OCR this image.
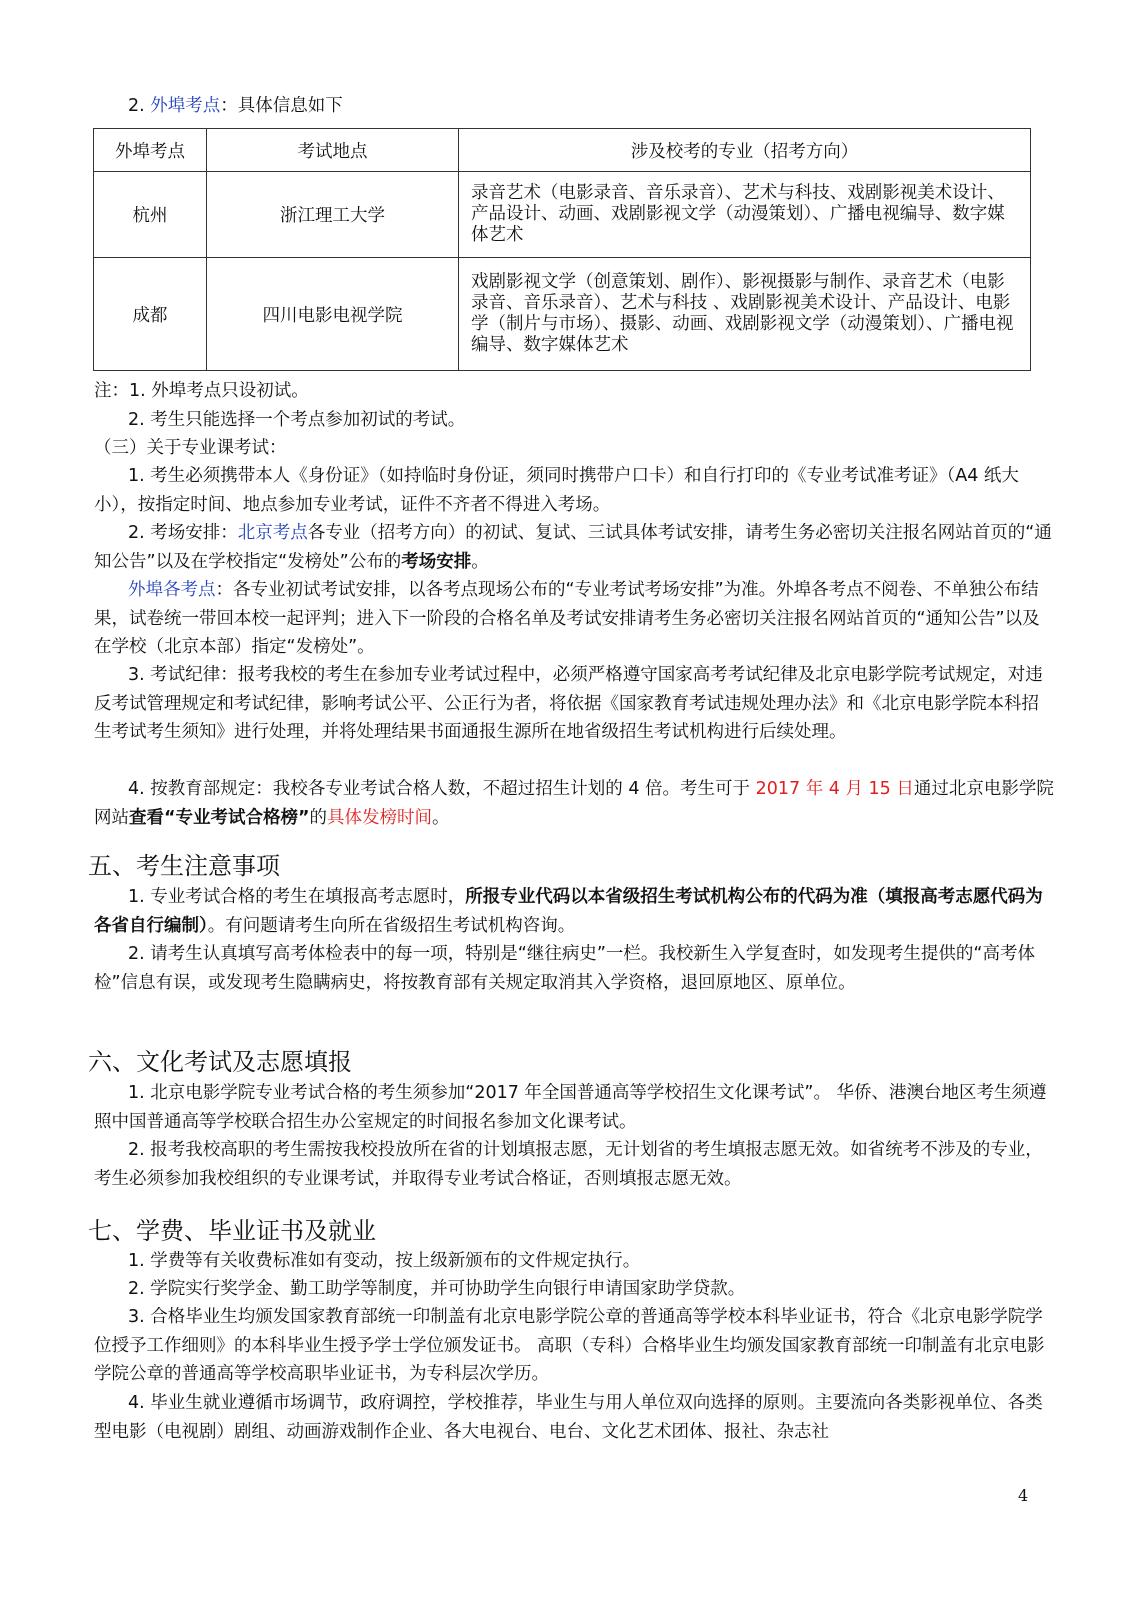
2. 外埠考点：具体信息如下

外埠考点	考试地点	涉及校考的专业（招考方向）
杭州	浙江理工大学	录音艺术（电影录音、音乐录音）、艺术与科技、戏剧影视美术设计、产品设计、动画、戏剧影视文学（动漫策划）、广播电视编导、数字媒体艺术
成都	四川电影电视学院	戏剧影视文学（创意策划、剧作）、影视摄影与制作、录音艺术（电影录音、音乐录音）、艺术与科技 、戏剧影视美术设计、产品设计、电影学（制片与市场）、摄影、动画、戏剧影视文学（动漫策划）、广播电视编导、数字媒体艺术

注：1. 外埠考点只设初试。

2. 考生只能选择一个考点参加初试的考试。

（三）关于专业课考试：

1. 考生必须携带本人《身份证》（如持临时身份证，须同时携带户口卡）和自行打印的《专业考试准考证》（A4 纸大小），按指定时间、地点参加专业考试，证件不齐者不得进入考场。

2. 考场安排：北京考点各专业（招考方向）的初试、复试、三试具体考试安排，请考生务必密切关注报名网站首页的“通知公告”以及在学校指定“发榜处”公布的考场安排。

外埠各考点：各专业初试考试安排，以各考点现场公布的“专业考试考场安排”为准。外埠各考点不阅卷、不单独公布结果，试卷统一带回本校一起评判；进入下一阶段的合格名单及考试安排请考生务必密切关注报名网站首页的“通知公告”以及在学校（北京本部）指定“发榜处”。

3. 考试纪律：报考我校的考生在参加专业考试过程中，必须严格遵守国家高考考试纪律及北京电影学院考试规定，对违反考试管理规定和考试纪律，影响考试公平、公正行为者，将依据《国家教育考试违规处理办法》和《北京电影学院本科招生考试考生须知》进行处理，并将处理结果书面通报生源所在地省级招生考试机构进行后续处理。

4. 按教育部规定：我校各专业考试合格人数，不超过招生计划的 4 倍。考生可于 2017 年 4 月 15 日通过北京电影学院网站查看“专业考试合格榜”的具体发榜时间。

五、考生注意事项

1. 专业考试合格的考生在填报高考志愿时，所报专业代码以本省级招生考试机构公布的代码为准（填报高考志愿代码为各省自行编制）。有问题请考生向所在省级招生考试机构咨询。

2. 请考生认真填写高考体检表中的每一项，特别是“继往病史”一栏。我校新生入学复查时，如发现考生提供的“高考体检”信息有误，或发现考生隐瞒病史，将按教育部有关规定取消其入学资格，退回原地区、原单位。

六、文化考试及志愿填报

1. 北京电影学院专业考试合格的考生须参加“2017 年全国普通高等学校招生文化课考试”。 华侨、港澳台地区考生须遵照中国普通高等学校联合招生办公室规定的时间报名参加文化课考试。

2. 报考我校高职的考生需按我校投放所在省的计划填报志愿，无计划省的考生填报志愿无效。如省统考不涉及的专业，考生必须参加我校组织的专业课考试，并取得专业考试合格证，否则填报志愿无效。

七、学费、毕业证书及就业

1. 学费等有关收费标准如有变动，按上级新颁布的文件规定执行。

2. 学院实行奖学金、勤工助学等制度，并可协助学生向银行申请国家助学贷款。

3. 合格毕业生均颁发国家教育部统一印制盖有北京电影学院公章的普通高等学校本科毕业证书，符合《北京电影学院学位授予工作细则》的本科毕业生授予学士学位颁发证书。 高职（专科）合格毕业生均颁发国家教育部统一印制盖有北京电影学院公章的普通高等学校高职毕业证书，为专科层次学历。

4. 毕业生就业遵循市场调节，政府调控，学校推荐，毕业生与用人单位双向选择的原则。主要流向各类影视单位、各类型电影（电视剧）剧组、动画游戏制作企业、各大电视台、电台、文化艺术团体、报社、杂志社

4
